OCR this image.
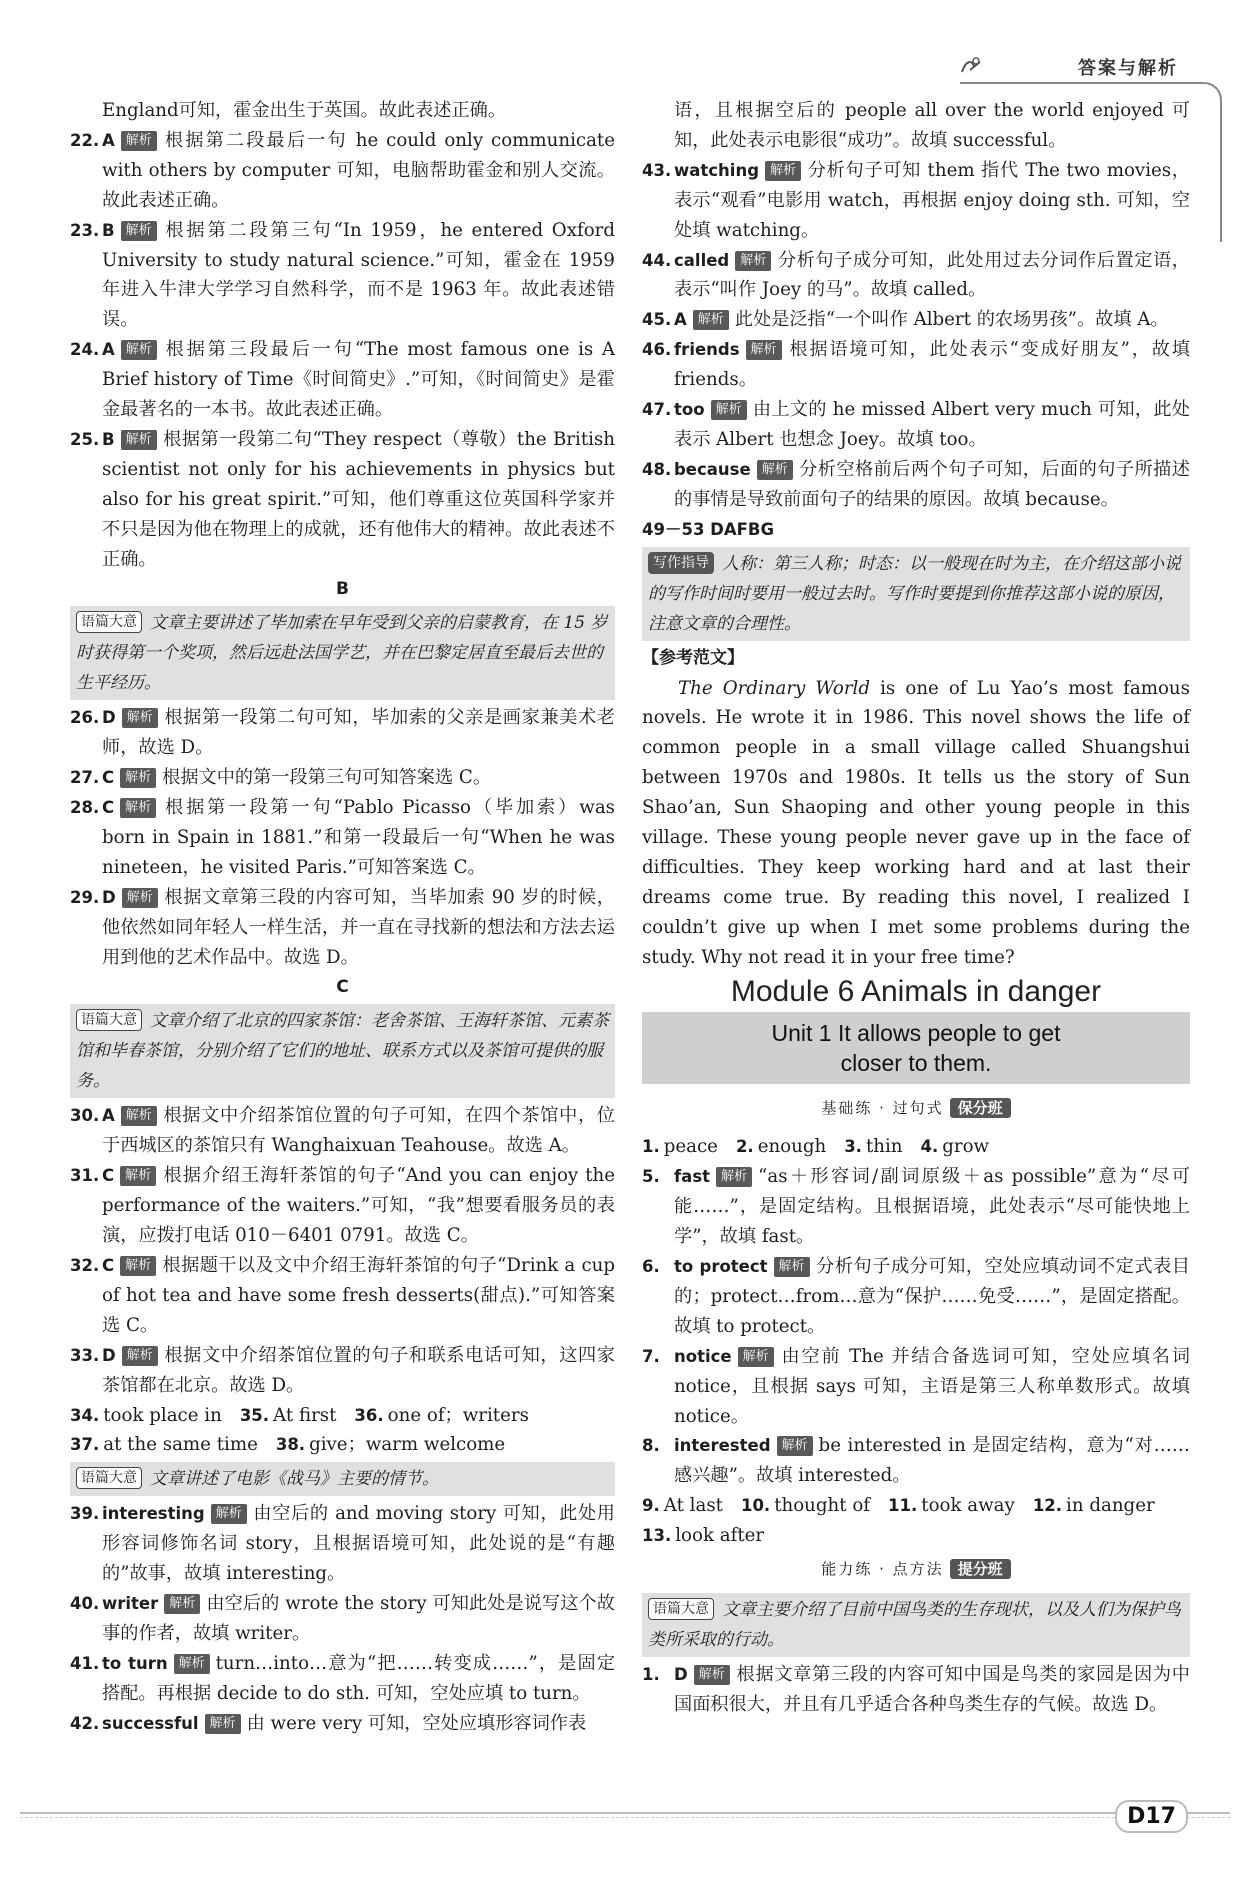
答案与解析
England可知，霍金出生于英国。故此表述正确。
22. A 解析 根据第二段最后一句 he could only communicate with others by computer 可知，电脑帮助霍金和别人交流。故此表述正确。
23. B 解析 根据第二段第三句“In 1959，he entered Oxford University to study natural science.”可知，霍金在 1959 年进入牛津大学学习自然科学，而不是 1963 年。故此表述错误。
24. A 解析 根据第三段最后一句“The most famous one is A Brief history of Time《时间简史》.”可知，《时间简史》是霍金最著名的一本书。故此表述正确。
25. B 解析 根据第一段第二句“They respect（尊敬）the British scientist not only for his achievements in physics but also for his great spirit.”可知，他们尊重这位英国科学家并不只是因为他在物理上的成就，还有他伟大的精神。故此表述不正确。
B
语篇大意 文章主要讲述了毕加索在早年受到父亲的启蒙教育，在 15 岁时获得第一个奖项，然后远赴法国学艺，并在巴黎定居直至最后去世的生平经历。
26. D 解析 根据第一段第二句可知，毕加索的父亲是画家兼美术老师，故选 D。
27. C 解析 根据文中的第一段第三句可知答案选 C。
28. C 解析 根据第一段第一句“Pablo Picasso（毕加索）was born in Spain in 1881.”和第一段最后一句“When he was nineteen，he visited Paris.”可知答案选 C。
29. D 解析 根据文章第三段的内容可知，当毕加索 90 岁的时候，他依然如同年轻人一样生活，并一直在寻找新的想法和方法去运用到他的艺术作品中。故选 D。
C
语篇大意 文章介绍了北京的四家茶馆：老舍茶馆、王海轩茶馆、元素茶馆和毕春茶馆，分别介绍了它们的地址、联系方式以及茶馆可提供的服务。
30. A 解析 根据文中介绍茶馆位置的句子可知，在四个茶馆中，位于西城区的茶馆只有 Wanghaixuan Teahouse。故选 A。
31. C 解析 根据介绍王海轩茶馆的句子“And you can enjoy the performance of the waiters.”可知，“我”想要看服务员的表演，应拨打电话 010－6401 0791。故选 C。
32. C 解析 根据题干以及文中介绍王海轩茶馆的句子“Drink a cup of hot tea and have some fresh desserts(甜点).”可知答案选 C。
33. D 解析 根据文中介绍茶馆位置的句子和联系电话可知，这四家茶馆都在北京。故选 D。
34. took place in 35. At first 36. one of；writers
37. at the same time 38. give；warm welcome
语篇大意 文章讲述了电影《战马》主要的情节。
39. interesting 解析 由空后的 and moving story 可知，此处用形容词修饰名词 story，且根据语境可知，此处说的是“有趣的”故事，故填 interesting。
40. writer 解析 由空后的 wrote the story 可知此处是说写这个故事的作者，故填 writer。
41. to turn 解析 turn…into…意为“把……转变成……”，是固定搭配。再根据 decide to do sth. 可知，空处应填 to turn。
42. successful 解析 由 were very 可知，空处应填形容词作表
语，且根据空后的 people all over the world enjoyed 可知，此处表示电影很“成功”。故填 successful。
43. watching 解析 分析句子可知 them 指代 The two movies，表示“观看”电影用 watch，再根据 enjoy doing sth. 可知，空处填 watching。
44. called 解析 分析句子成分可知，此处用过去分词作后置定语，表示“叫作 Joey 的马”。故填 called。
45. A 解析 此处是泛指“一个叫作 Albert 的农场男孩”。故填 A。
46. friends 解析 根据语境可知，此处表示“变成好朋友”，故填 friends。
47. too 解析 由上文的 he missed Albert very much 可知，此处表示 Albert 也想念 Joey。故填 too。
48. because 解析 分析空格前后两个句子可知，后面的句子所描述的事情是导致前面句子的结果的原因。故填 because。
49－53 DAFBG
写作指导 人称：第三人称；时态：以一般现在时为主，在介绍这部小说的写作时间时要用一般过去时。写作时要提到你推荐这部小说的原因，注意文章的合理性。
【参考范文】
The Ordinary World is one of Lu Yao’s most famous novels. He wrote it in 1986. This novel shows the life of common people in a small village called Shuangshui between 1970s and 1980s. It tells us the story of Sun Shao’an, Sun Shaoping and other young people in this village. These young people never gave up in the face of difficulties. They keep working hard and at last their dreams come true. By reading this novel, I realized I couldn’t give up when I met some problems during the study. Why not read it in your free time?
Module 6 Animals in danger
Unit 1 It allows people to get
closer to them.
基础练 · 过句式 保分班
1. peace 2. enough 3. thin 4. grow
5. fast 解析 “as＋形容词/副词原级＋as possible”意为“尽可能……”，是固定结构。且根据语境，此处表示“尽可能快地上学”，故填 fast。
6. to protect 解析 分析句子成分可知，空处应填动词不定式表目的；protect…from…意为“保护……免受……”，是固定搭配。故填 to protect。
7. notice 解析 由空前 The 并结合备选词可知，空处应填名词 notice，且根据 says 可知，主语是第三人称单数形式。故填 notice。
8. interested 解析 be interested in 是固定结构，意为“对……感兴趣”。故填 interested。
9. At last 10. thought of 11. took away 12. in danger
13. look after
能力练 · 点方法 提分班
语篇大意 文章主要介绍了目前中国鸟类的生存现状，以及人们为保护鸟类所采取的行动。
1. D 解析 根据文章第三段的内容可知中国是鸟类的家园是因为中国面积很大，并且有几乎适合各种鸟类生存的气候。故选 D。
D17
